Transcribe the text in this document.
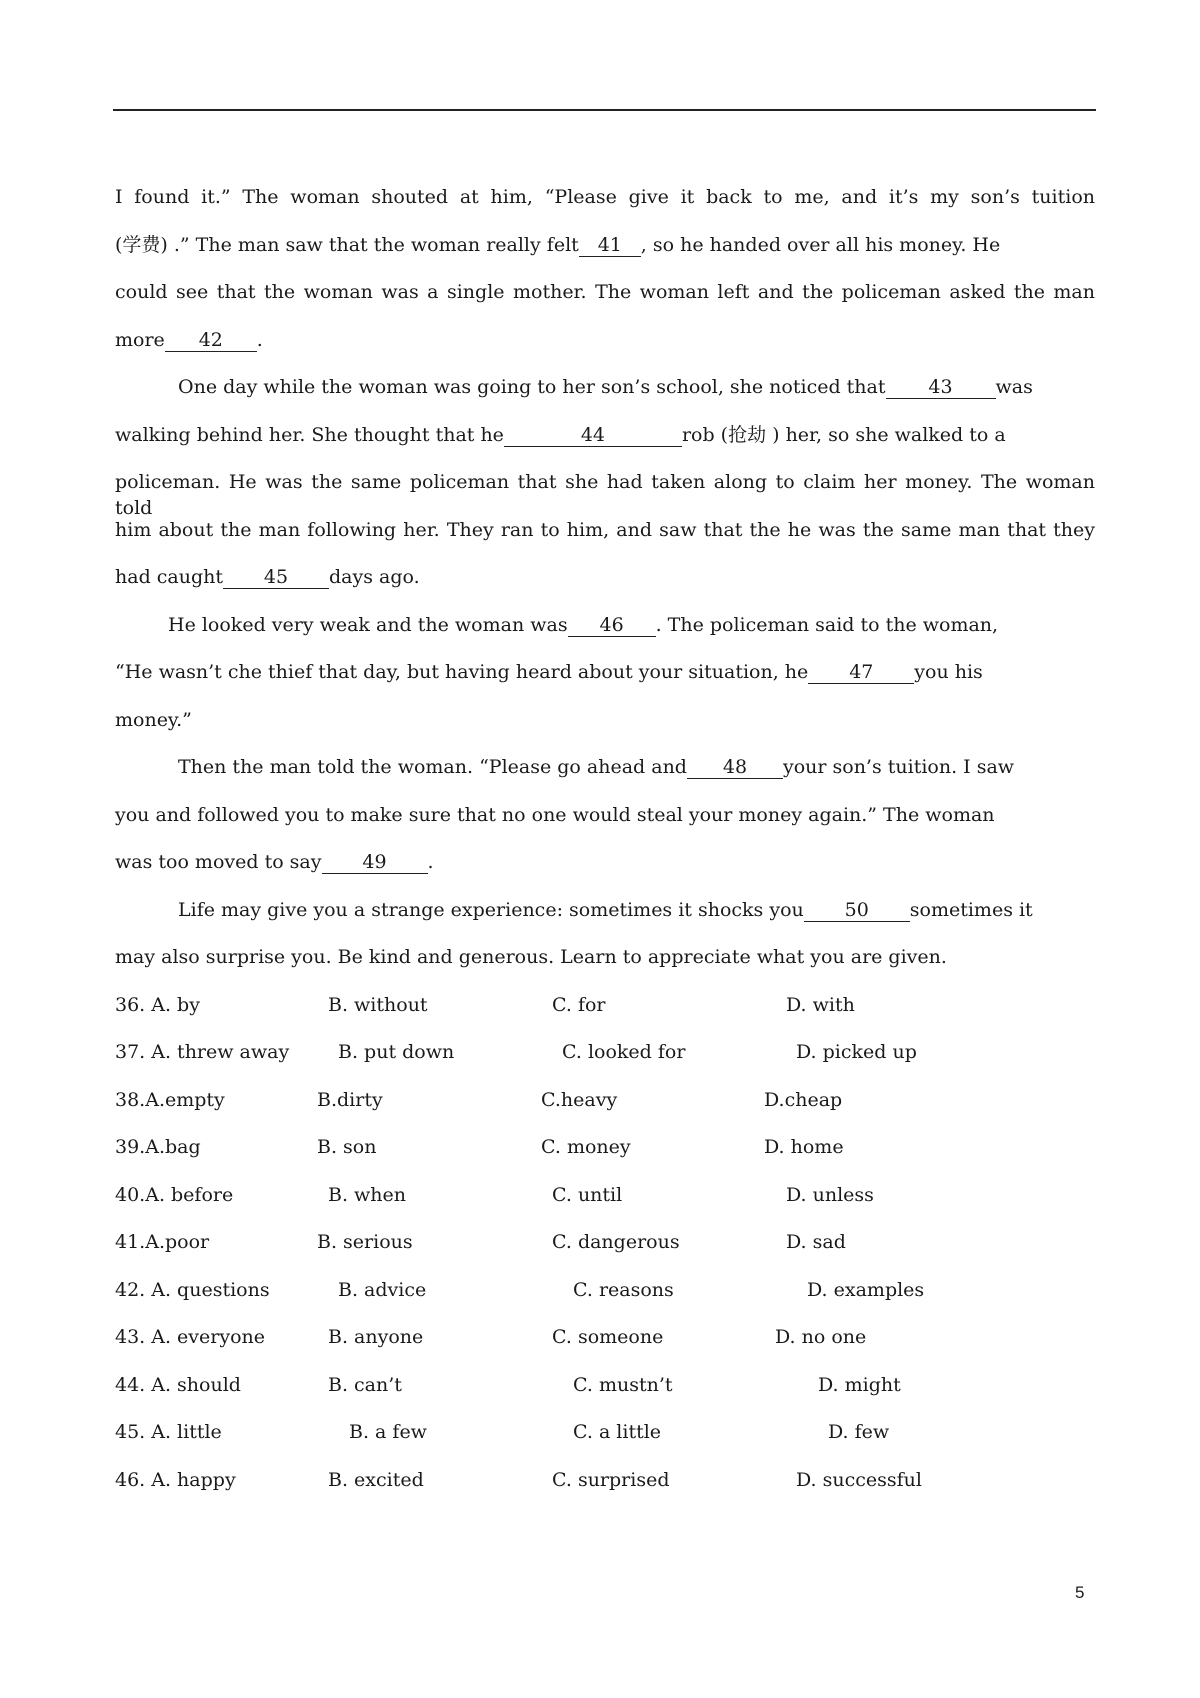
I found it.” The woman shouted at him, “Please give it back to me, and it’s my son’s tuition
(学费) .” The man saw that the woman really felt 41 , so he handed over all his money. He
could see that the woman was a single mother. The woman left and the policeman asked the man
more 42 .
One day while the woman was going to her son’s school, she noticed that 43 was
walking behind her. She thought that he	44	rob (抢劫 ) her, so she walked to a
policeman. He was the same policeman that she had taken along to claim her money. The woman told
him about the man following her. They ran to him, and saw that the he was the same man that they
had caught 45 days ago.
He looked very weak and the woman was 46 . The policeman said to the woman,
“He wasn’t che thief that day, but having heard about your situation, he 47 you his
money.”
Then the man told the woman. “Please go ahead and 48 your son’s tuition. I saw
you and followed you to make sure that no one would steal your money again.” The woman
was too moved to say 49 .
Life may give you a strange experience: sometimes it shocks you 50 sometimes it
may also surprise you. Be kind and generous. Learn to appreciate what you are given.
36. A. by	B. without	C. for	D. with
37. A. threw away	B. put down	C. looked for	D. picked up
38.A.empty	B.dirty	C.heavy	D.cheap
39.A.bag	B. son	C. money	D. home
40.A. before	B. when	C. until	D. unless
41.A.poor	B. serious	C. dangerous	D. sad
42. A. questions	B. advice	C. reasons	D. examples
43. A. everyone	B. anyone	C. someone	D. no one
44. A. should	B. can’t	C. mustn’t	D. might
45. A. little	B. a few	C. a little	D. few
46. A. happy	B. excited	C. surprised	D. successful
5
